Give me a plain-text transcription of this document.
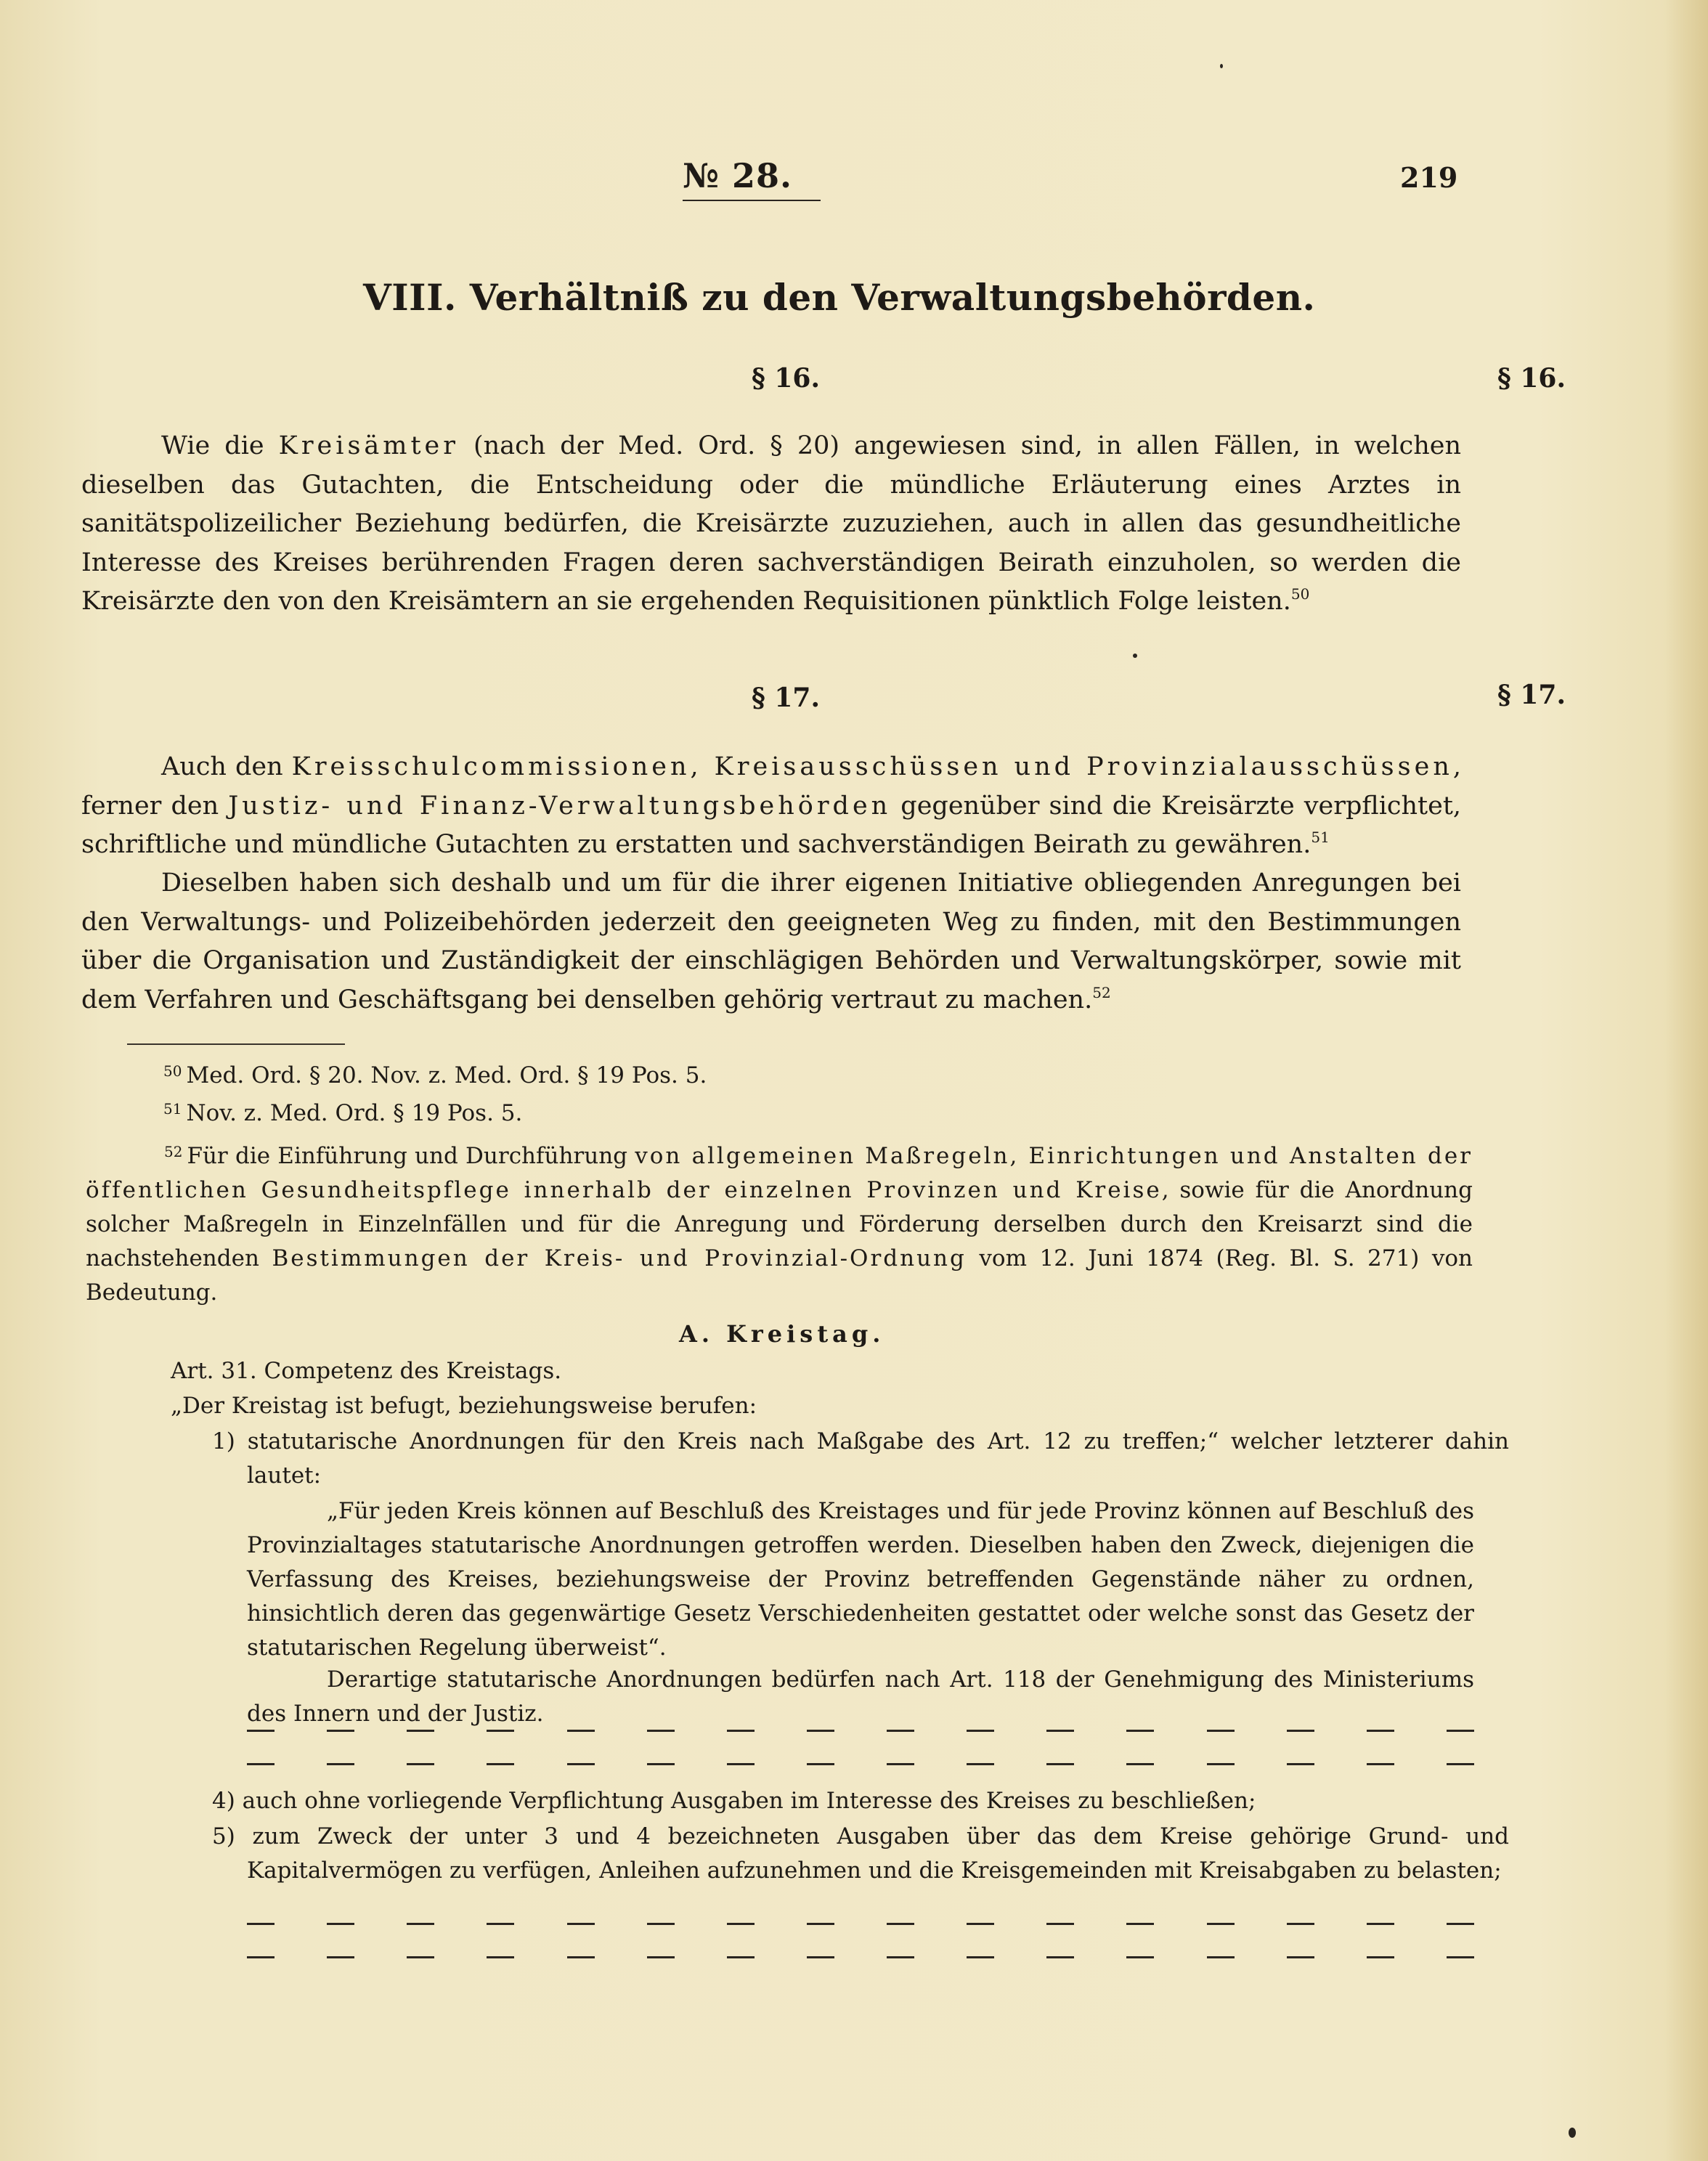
№ 28.	219
VIII. Verhältniß zu den Verwaltungsbehörden.
§ 16.	§ 16.
Wie die Kreisämter (nach der Med. Ord. § 20) angewiesen sind, in allen Fällen, in welchen dieselben das Gutachten, die Entscheidung oder die mündliche Erläuterung eines Arztes in sanitätspolizeilicher Beziehung bedürfen, die Kreisärzte zuzuziehen, auch in allen das gesundheitliche Interesse des Kreises berührenden Fragen deren sachverständigen Beirath einzuholen, so werden die Kreisärzte den von den Kreisämtern an sie ergehenden Requisitionen pünktlich Folge leisten.$^{50}$
§ 17.	§ 17.
Auch den Kreisschulcommissionen, Kreisausschüssen und Provinzialausschüssen, ferner den Justiz- und Finanz-Verwaltungsbehörden gegenüber sind die Kreisärzte verpflichtet, schriftliche und mündliche Gutachten zu erstatten und sachverständigen Beirath zu gewähren.$^{51}$
Dieselben haben sich deshalb und um für die ihrer eigenen Initiative obliegenden Anregungen bei den Verwaltungs- und Polizeibehörden jederzeit den geeigneten Weg zu finden, mit den Bestimmungen über die Organisation und Zuständigkeit der einschlägigen Behörden und Verwaltungskörper, sowie mit dem Verfahren und Geschäftsgang bei denselben gehörig vertraut zu machen.$^{52}$
$^{50}$ Med. Ord. § 20. Nov. z. Med. Ord. § 19 Pos. 5.
$^{51}$ Nov. z. Med. Ord. § 19 Pos. 5.
$^{52}$ Für die Einführung und Durchführung von allgemeinen Maßregeln, Einrichtungen und Anstalten der öffentlichen Gesundheitspflege innerhalb der einzelnen Provinzen und Kreise, sowie für die Anordnung solcher Maßregeln in Einzelnfällen und für die Anregung und Förderung derselben durch den Kreisarzt sind die nachstehenden Bestimmungen der Kreis- und Provinzial-Ordnung vom 12. Juni 1874 (Reg. Bl. S. 271) von Bedeutung.
A. Kreistag.
Art. 31. Competenz des Kreistags.
„Der Kreistag ist befugt, beziehungsweise berufen:
1) statutarische Anordnungen für den Kreis nach Maßgabe des Art. 12 zu treffen;“ welcher letzterer dahin lautet:
„Für jeden Kreis können auf Beschluß des Kreistages und für jede Provinz können auf Beschluß des Provinzialtages statutarische Anordnungen getroffen werden. Dieselben haben den Zweck, diejenigen die Verfassung des Kreises, beziehungsweise der Provinz betreffenden Gegenstände näher zu ordnen, hinsichtlich deren das gegenwärtige Gesetz Verschiedenheiten gestattet oder welche sonst das Gesetz der statutarischen Regelung überweist“.
Derartige statutarische Anordnungen bedürfen nach Art. 118 der Genehmigung des Ministeriums des Innern und der Justiz.
4) auch ohne vorliegende Verpflichtung Ausgaben im Interesse des Kreises zu beschließen;
5) zum Zweck der unter 3 und 4 bezeichneten Ausgaben über das dem Kreise gehörige Grund- und Kapitalvermögen zu verfügen, Anleihen aufzunehmen und die Kreisgemeinden mit Kreisabgaben zu belasten;
